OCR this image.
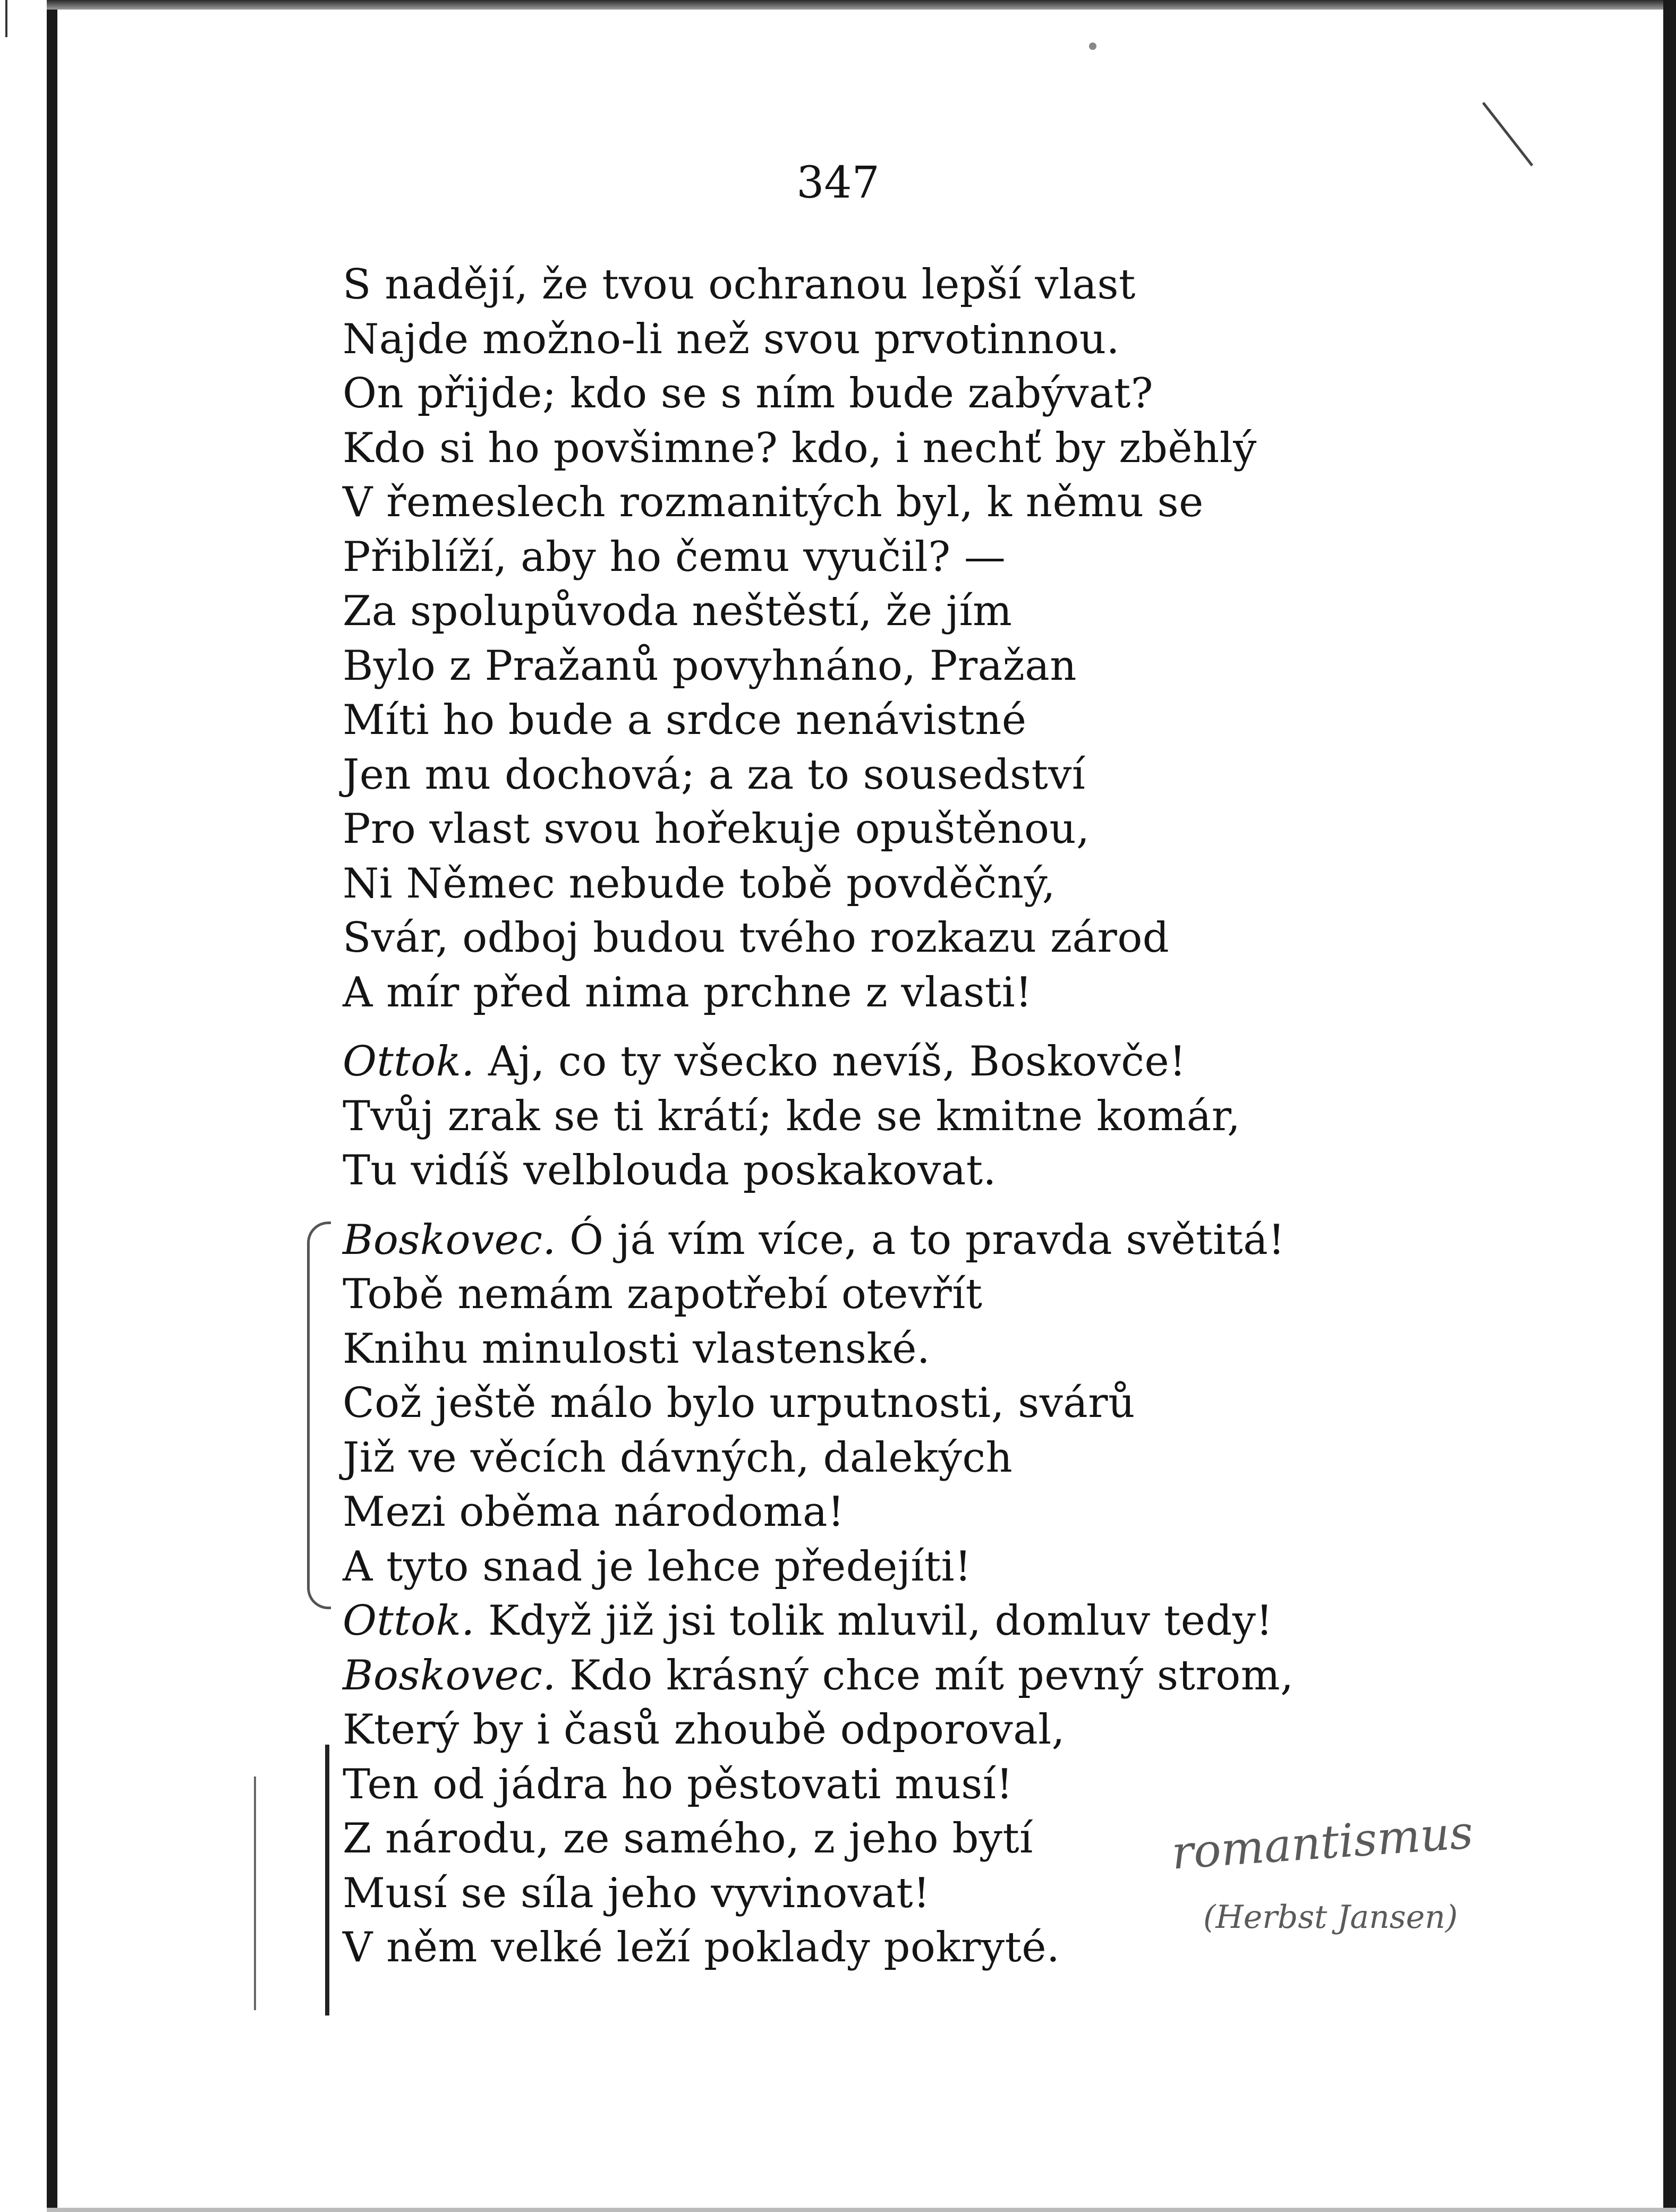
347
S nadějí, že tvou ochranou lepší vlast
Najde možno-li než svou prvotinnou.
On přijde; kdo se s ním bude zabývat?
Kdo si ho povšimne? kdo, i nechť by zběhlý
V řemeslech rozmanitých byl, k němu se
Přiblíží, aby ho čemu vyučil? —
Za spolupůvoda neštěstí, že jím
Bylo z Pražanů povyhnáno, Pražan
Míti ho bude a srdce nenávistné
Jen mu dochová; a za to sousedství
Pro vlast svou hořekuje opuštěnou,
Ni Němec nebude tobě povděčný,
Svár, odboj budou tvého rozkazu zárod
A mír před nima prchne z vlasti!
Ottok. Aj, co ty všecko nevíš, Boskovče!
Tvůj zrak se ti krátí; kde se kmitne komár,
Tu vidíš velblouda poskakovat.
Boskovec. Ó já vím více, a to pravda světitá!
Tobě nemám zapotřebí otevřít
Knihu minulosti vlastenské.
Což ještě málo bylo urputnosti, svárů
Již ve věcích dávných, dalekých
Mezi oběma národoma!
A tyto snad je lehce předejíti!
Ottok. Když již jsi tolik mluvil, domluv tedy!
Boskovec. Kdo krásný chce mít pevný strom,
Který by i časů zhoubě odporoval,
Ten od jádra ho pěstovati musí!
Z národu, ze samého, z jeho bytí
Musí se síla jeho vyvinovat!
V něm velké leží poklady pokryté.
romantismus
(Herbst Jansen)
